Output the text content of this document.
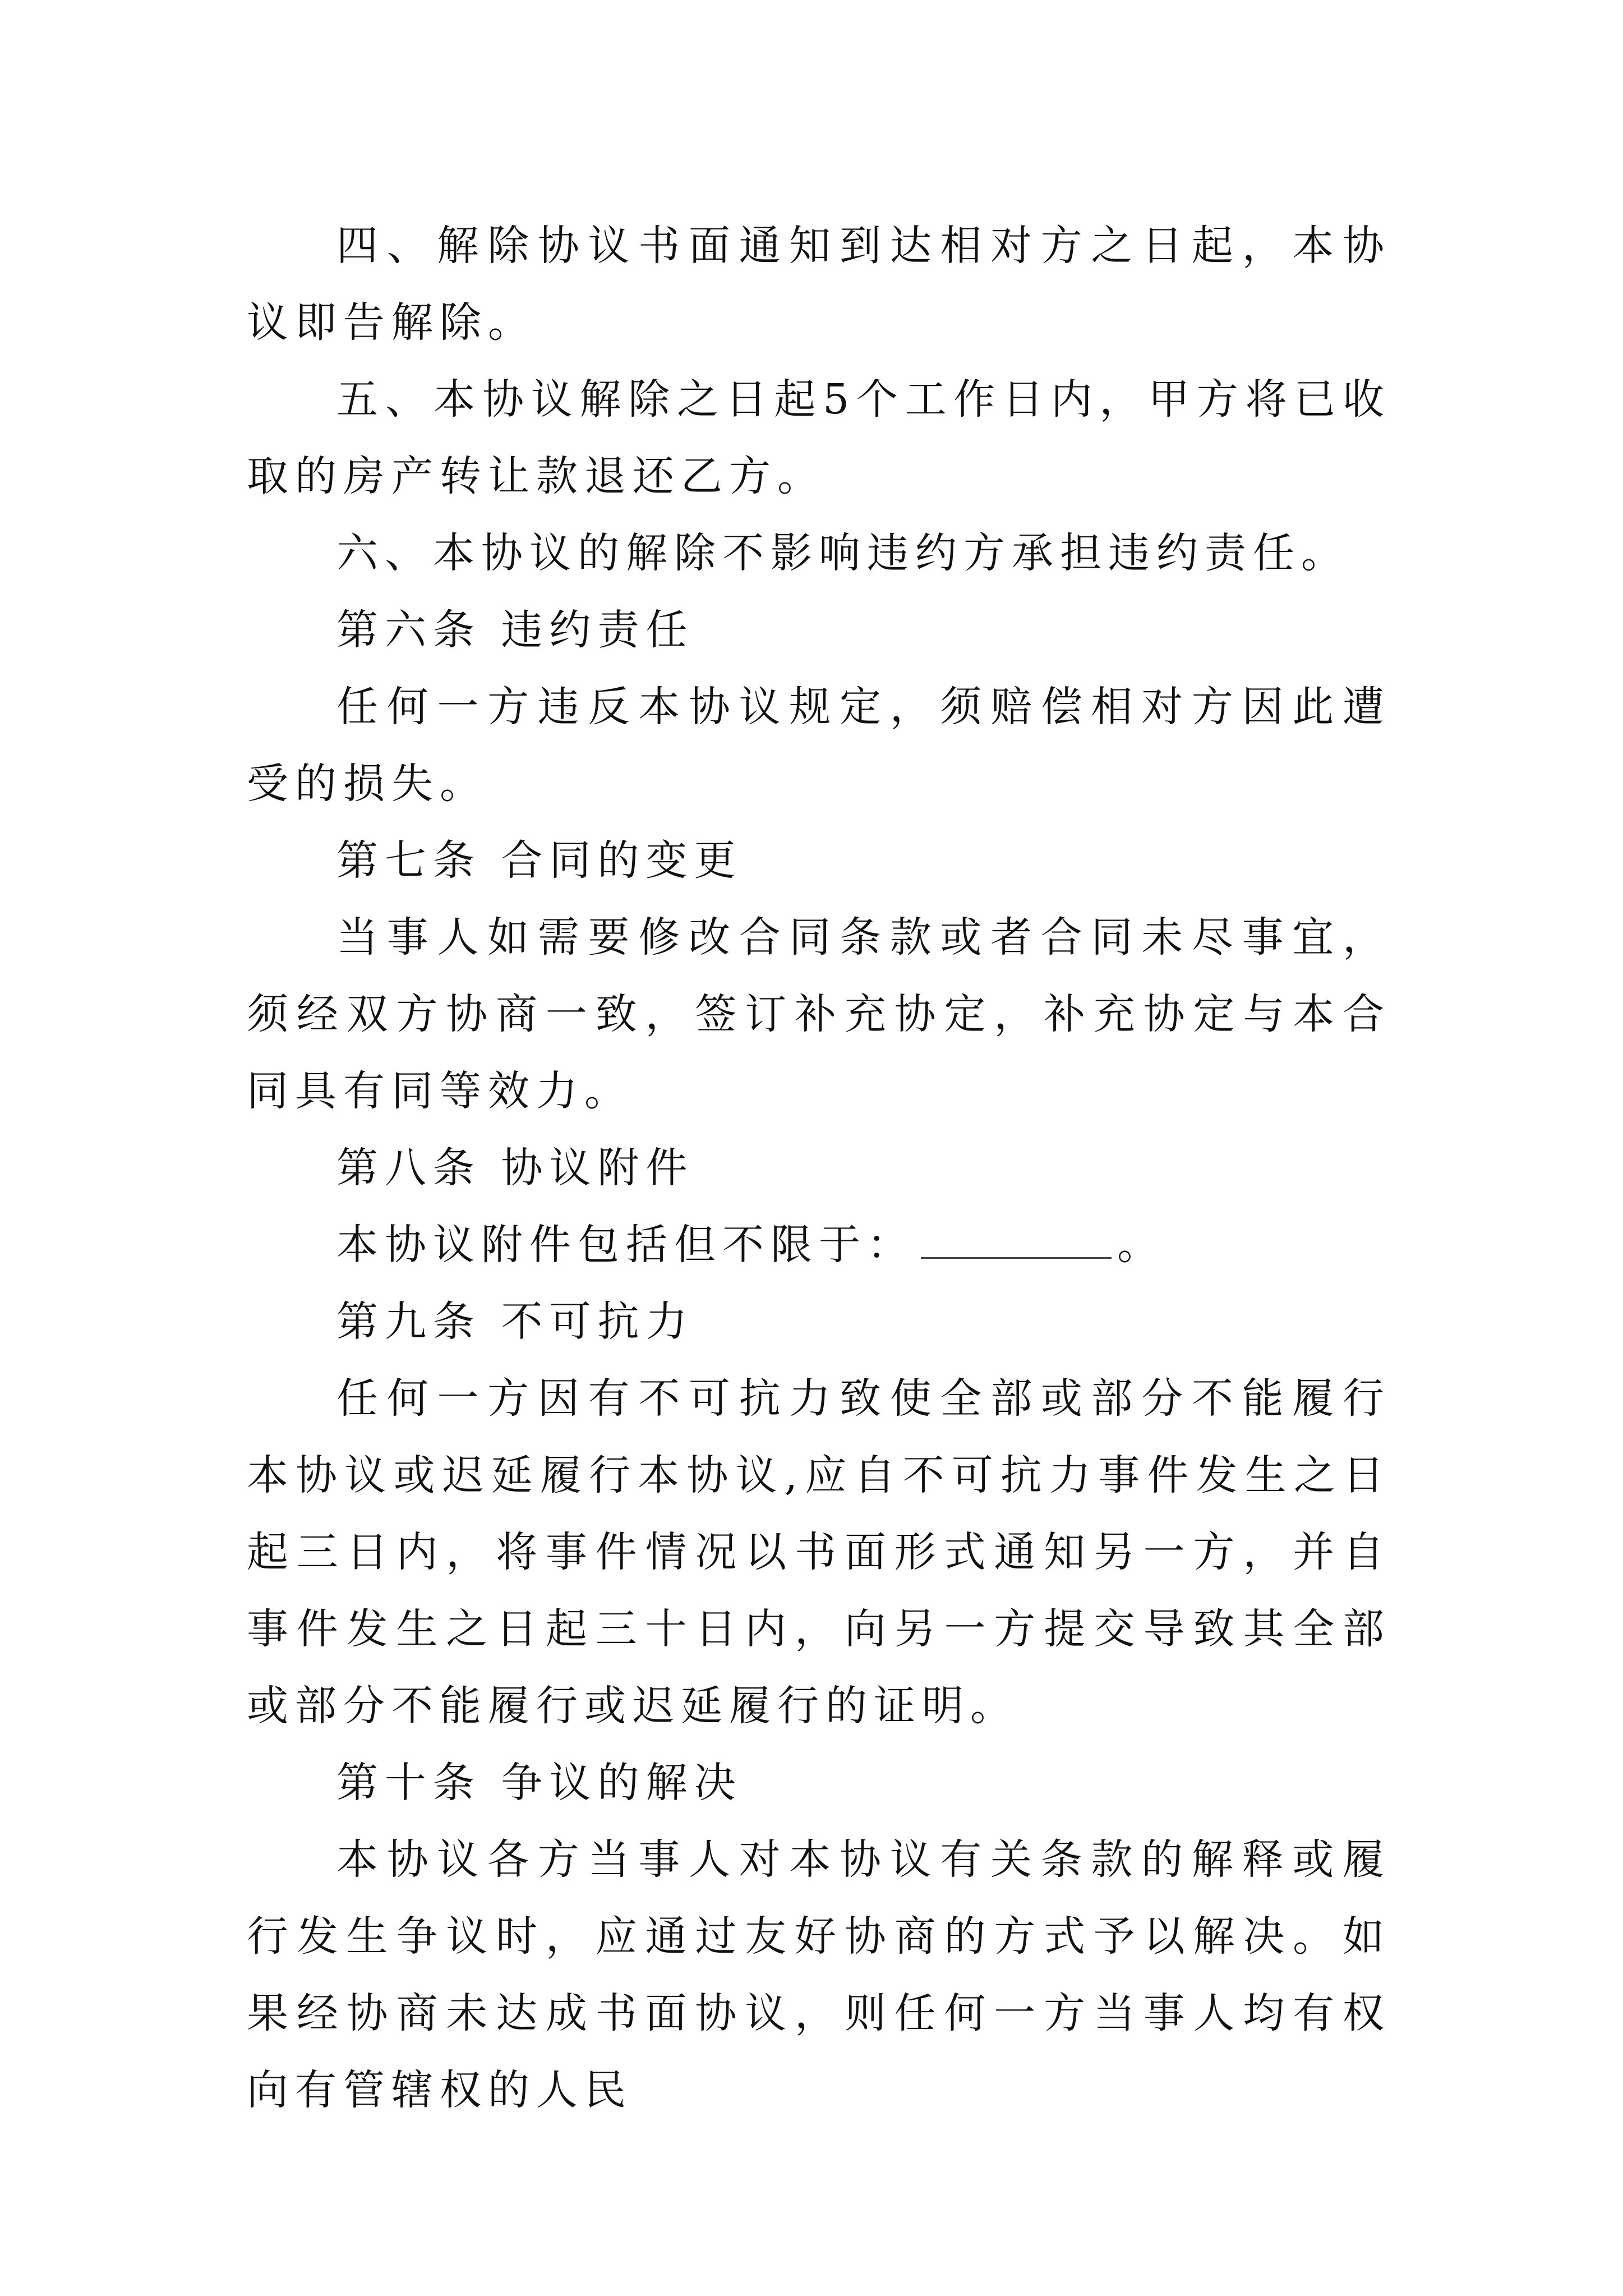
四、解除协议书面通知到达相对方之日起，本协议即告解除。

五、本协议解除之日起5个工作日内，甲方将已收取的房产转让款退还乙方。

六、本协议的解除不影响违约方承担违约责任。

第六条 违约责任

任何一方违反本协议规定，须赔偿相对方因此遭受的损失。

第七条 合同的变更

当事人如需要修改合同条款或者合同未尽事宜，须经双方协商一致，签订补充协定，补充协定与本合同具有同等效力。

第八条 协议附件

本协议附件包括但不限于：	。

第九条 不可抗力

任何一方因有不可抗力致使全部或部分不能履行本协议或迟延履行本协议,应自不可抗力事件发生之日起三日内，将事件情况以书面形式通知另一方，并自事件发生之日起三十日内，向另一方提交导致其全部或部分不能履行或迟延履行的证明。

第十条 争议的解决

本协议各方当事人对本协议有关条款的解释或履行发生争议时，应通过友好协商的方式予以解决。如果经协商未达成书面协议，则任何一方当事人均有权向有管辖权的人民
